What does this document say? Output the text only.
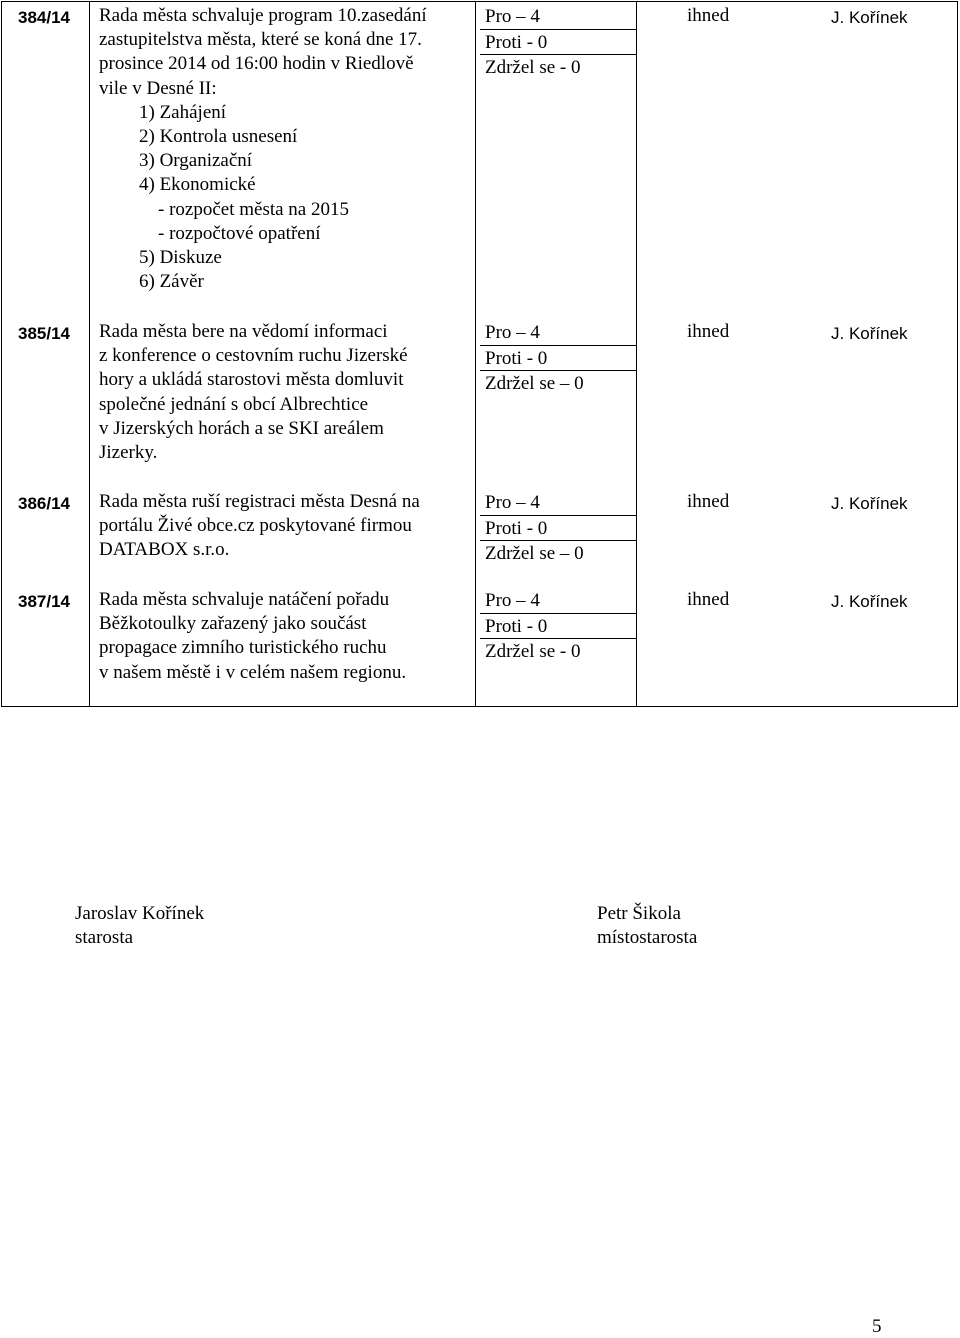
384/14 Rada města schvaluje program 10.zasedání
zastupitelstva města, které se koná dne 17.
prosince 2014 od 16:00 hodin v Riedlově
vile v Desné II:
1) Zahájení
2) Kontrola usnesení
3) Organizační
4) Ekonomické
- rozpočet města na 2015
- rozpočtové opatření
5) Diskuze
6) Závěr
Pro – 4
Proti - 0
Zdržel se - 0
ihned	J. Kořínek
385/14 Rada města bere na vědomí informaci
z konference o cestovním ruchu Jizerské
hory a ukládá starostovi města domluvit
společné jednání s obcí Albrechtice
v Jizerských horách a se SKI areálem
Jizerky.
Pro – 4
Proti - 0
Zdržel se – 0
ihned	J. Kořínek
386/14 Rada města ruší registraci města Desná na
portálu Živé obce.cz poskytované firmou
DATABOX s.r.o.
Pro – 4
Proti - 0
Zdržel se – 0
ihned	J. Kořínek
387/14 Rada města schvaluje natáčení pořadu
Běžkotoulky zařazený jako součást
propagace zimního turistického ruchu
v našem městě i v celém našem regionu.
Pro – 4
Proti - 0
Zdržel se - 0
ihned	J. Kořínek
Jaroslav Kořínek
starosta
Petr Šikola
místostarosta
5
